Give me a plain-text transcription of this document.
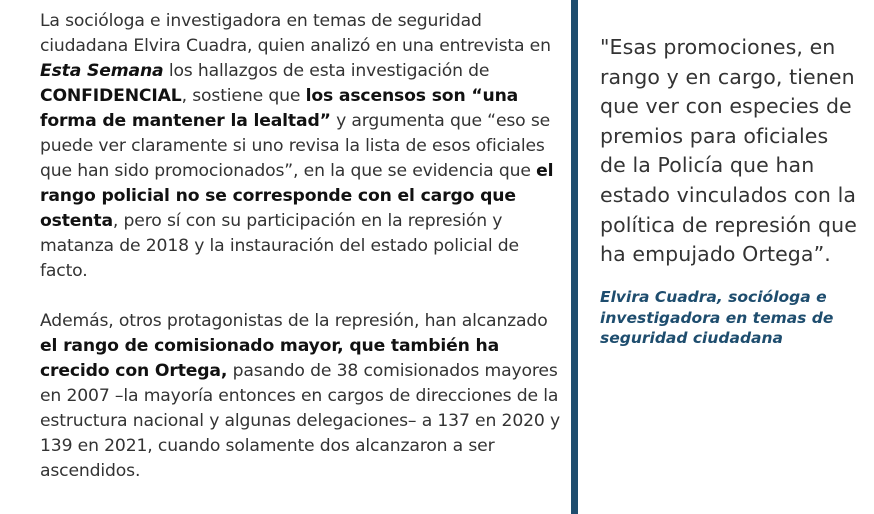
La socióloga e investigadora en temas de seguridad ciudadana Elvira Cuadra, quien analizó en una entrevista en Esta Semana los hallazgos de esta investigación de CONFIDENCIAL, sostiene que los ascensos son “una forma de mantener la lealtad” y argumenta que “eso se puede ver claramente si uno revisa la lista de esos oficiales que han sido promocionados”, en la que se evidencia que el rango policial no se corresponde con el cargo que ostenta, pero sí con su participación en la represión y matanza de 2018 y la instauración del estado policial de facto.

Además, otros protagonistas de la represión, han alcanzado el rango de comisionado mayor, que también ha crecido con Ortega, pasando de 38 comisionados mayores en 2007 –la mayoría entonces en cargos de direcciones de la estructura nacional y algunas delegaciones– a 137 en 2020 y 139 en 2021, cuando solamente dos alcanzaron a ser ascendidos.

"Esas promociones, en rango y en cargo, tienen que ver con especies de premios para oficiales de la Policía que han estado vinculados con la política de represión que ha empujado Ortega”.

Elvira Cuadra, socióloga e investigadora en temas de seguridad ciudadana
